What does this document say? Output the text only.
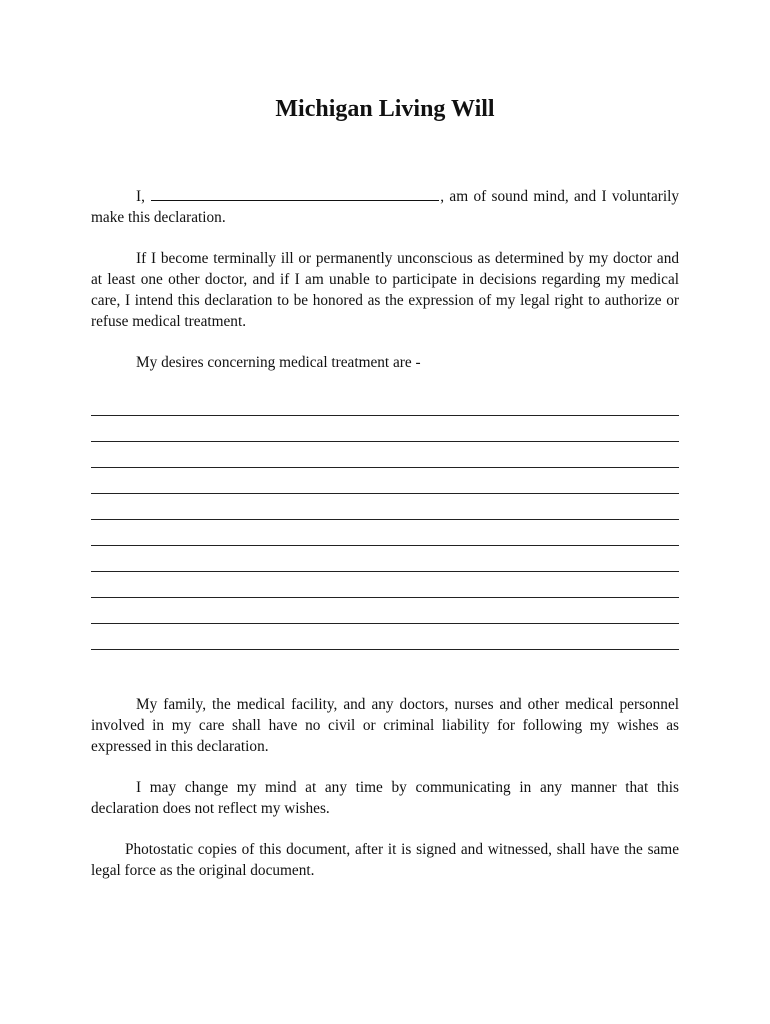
Michigan Living Will

I,	, am of sound mind, and I voluntarily make this declaration.

If I become terminally ill or permanently unconscious as determined by my doctor and at least one other doctor, and if I am unable to participate in decisions regarding my medical care, I intend this declaration to be honored as the expression of my legal right to authorize or refuse medical treatment.

My desires concerning medical treatment are -

My family, the medical facility, and any doctors, nurses and other medical personnel involved in my care shall have no civil or criminal liability for following my wishes as expressed in this declaration.

I may change my mind at any time by communicating in any manner that this declaration does not reflect my wishes.

Photostatic copies of this document, after it is signed and witnessed, shall have the same legal force as the original document.
